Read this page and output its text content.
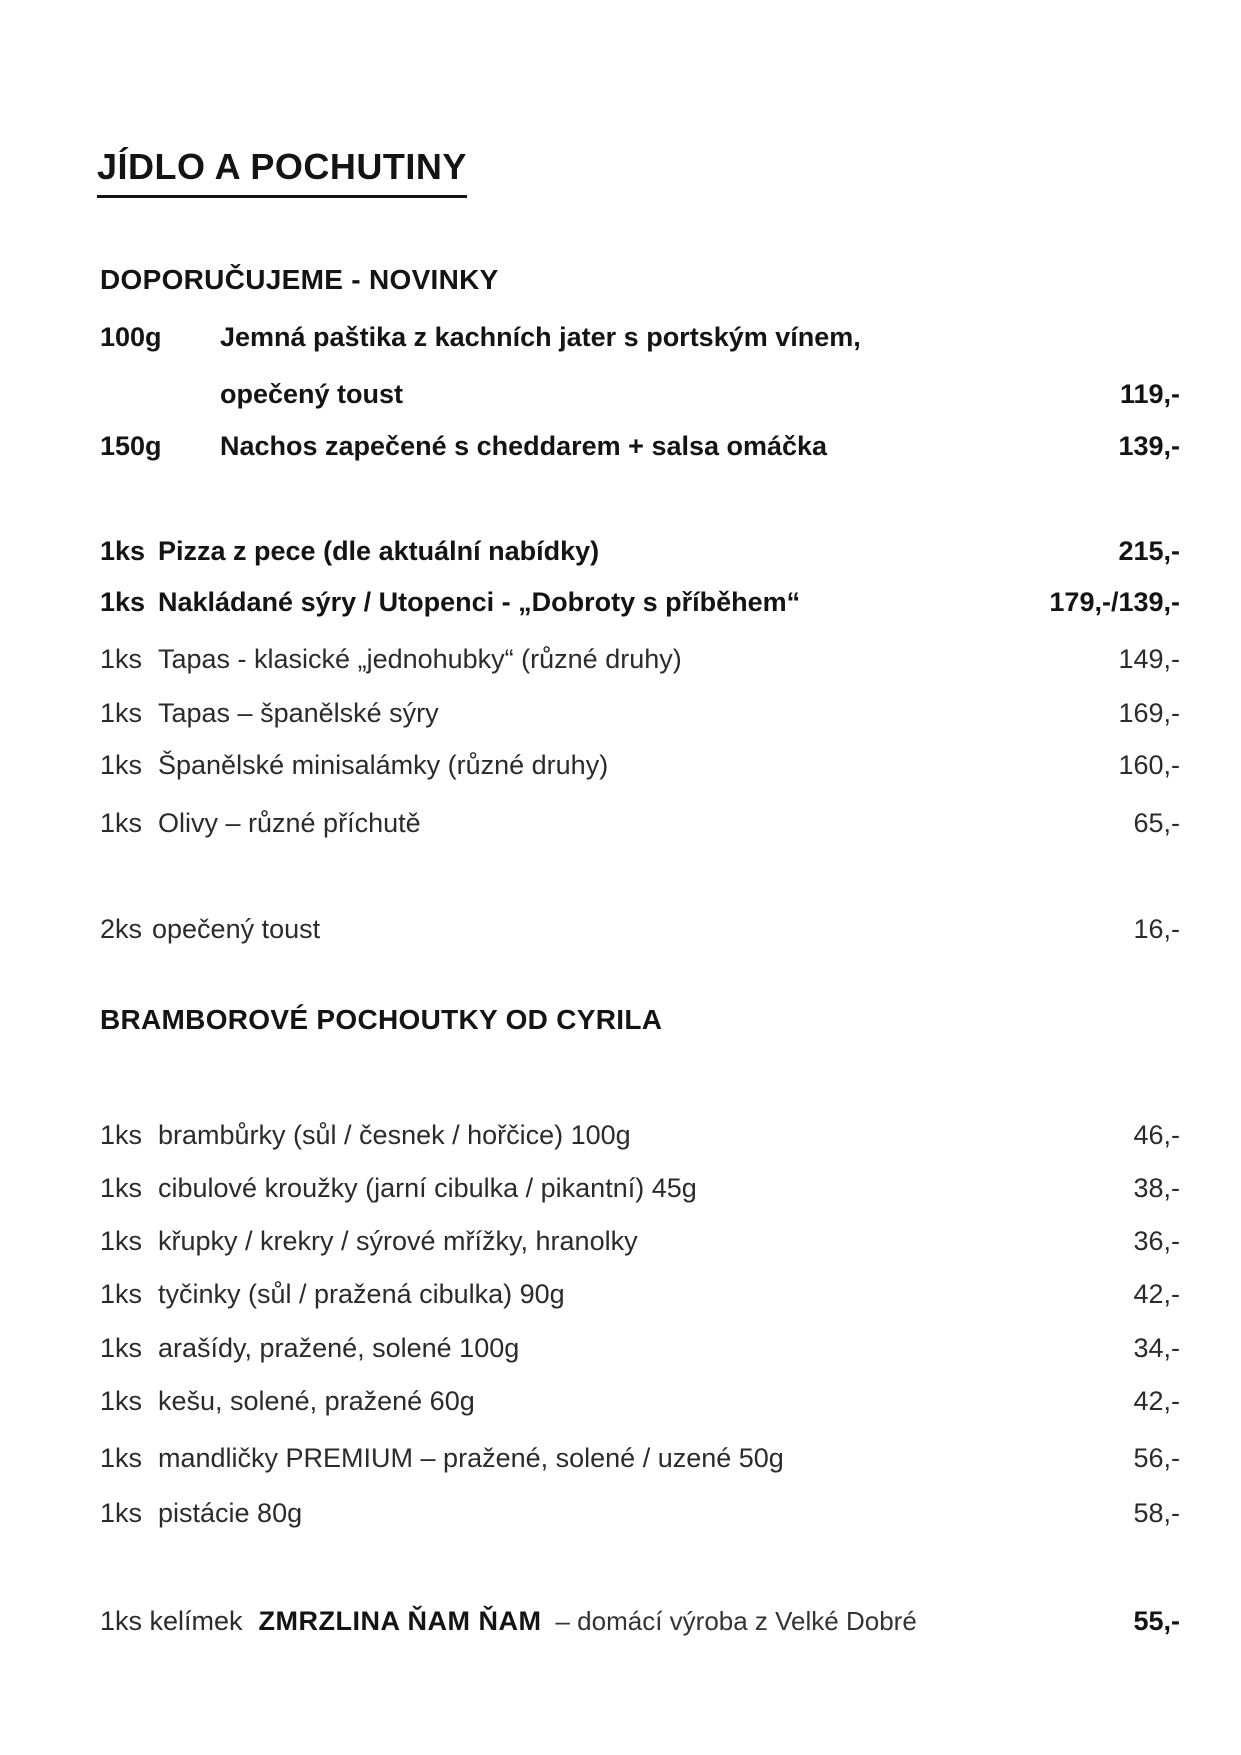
JÍDLO A POCHUTINY
DOPORUČUJEME - NOVINKY
100g Jemná paštika z kachních jater s portským vínem,
opečený toust	119,-
150g Nachos zapečené s cheddarem + salsa omáčka	139,-
1ks Pizza z pece (dle aktuální nabídky)	215,-
1ks Nakládané sýry / Utopenci - „Dobroty s příběhem“	179,-/139,-
1ks Tapas - klasické „jednohubky“ (různé druhy)	149,-
1ks Tapas – španělské sýry	169,-
1ks Španělské minisalámky (různé druhy)	160,-
1ks Olivy – různé příchutě	65,-
2ks opečený toust	16,-
BRAMBOROVÉ POCHOUTKY OD CYRILA
1ks brambůrky (sůl / česnek / hořčice) 100g	46,-
1ks cibulové kroužky (jarní cibulka / pikantní) 45g	38,-
1ks křupky / krekry / sýrové mřížky, hranolky	36,-
1ks tyčinky (sůl / pražená cibulka) 90g	42,-
1ks arašídy, pražené, solené 100g	34,-
1ks kešu, solené, pražené 60g	42,-
1ks mandličky PREMIUM – pražené, solené / uzené 50g	56,-
1ks pistácie 80g	58,-
1ks kelímek ZMRZLINA ŇAM ŇAM – domácí výroba z Velké Dobré	55,-
